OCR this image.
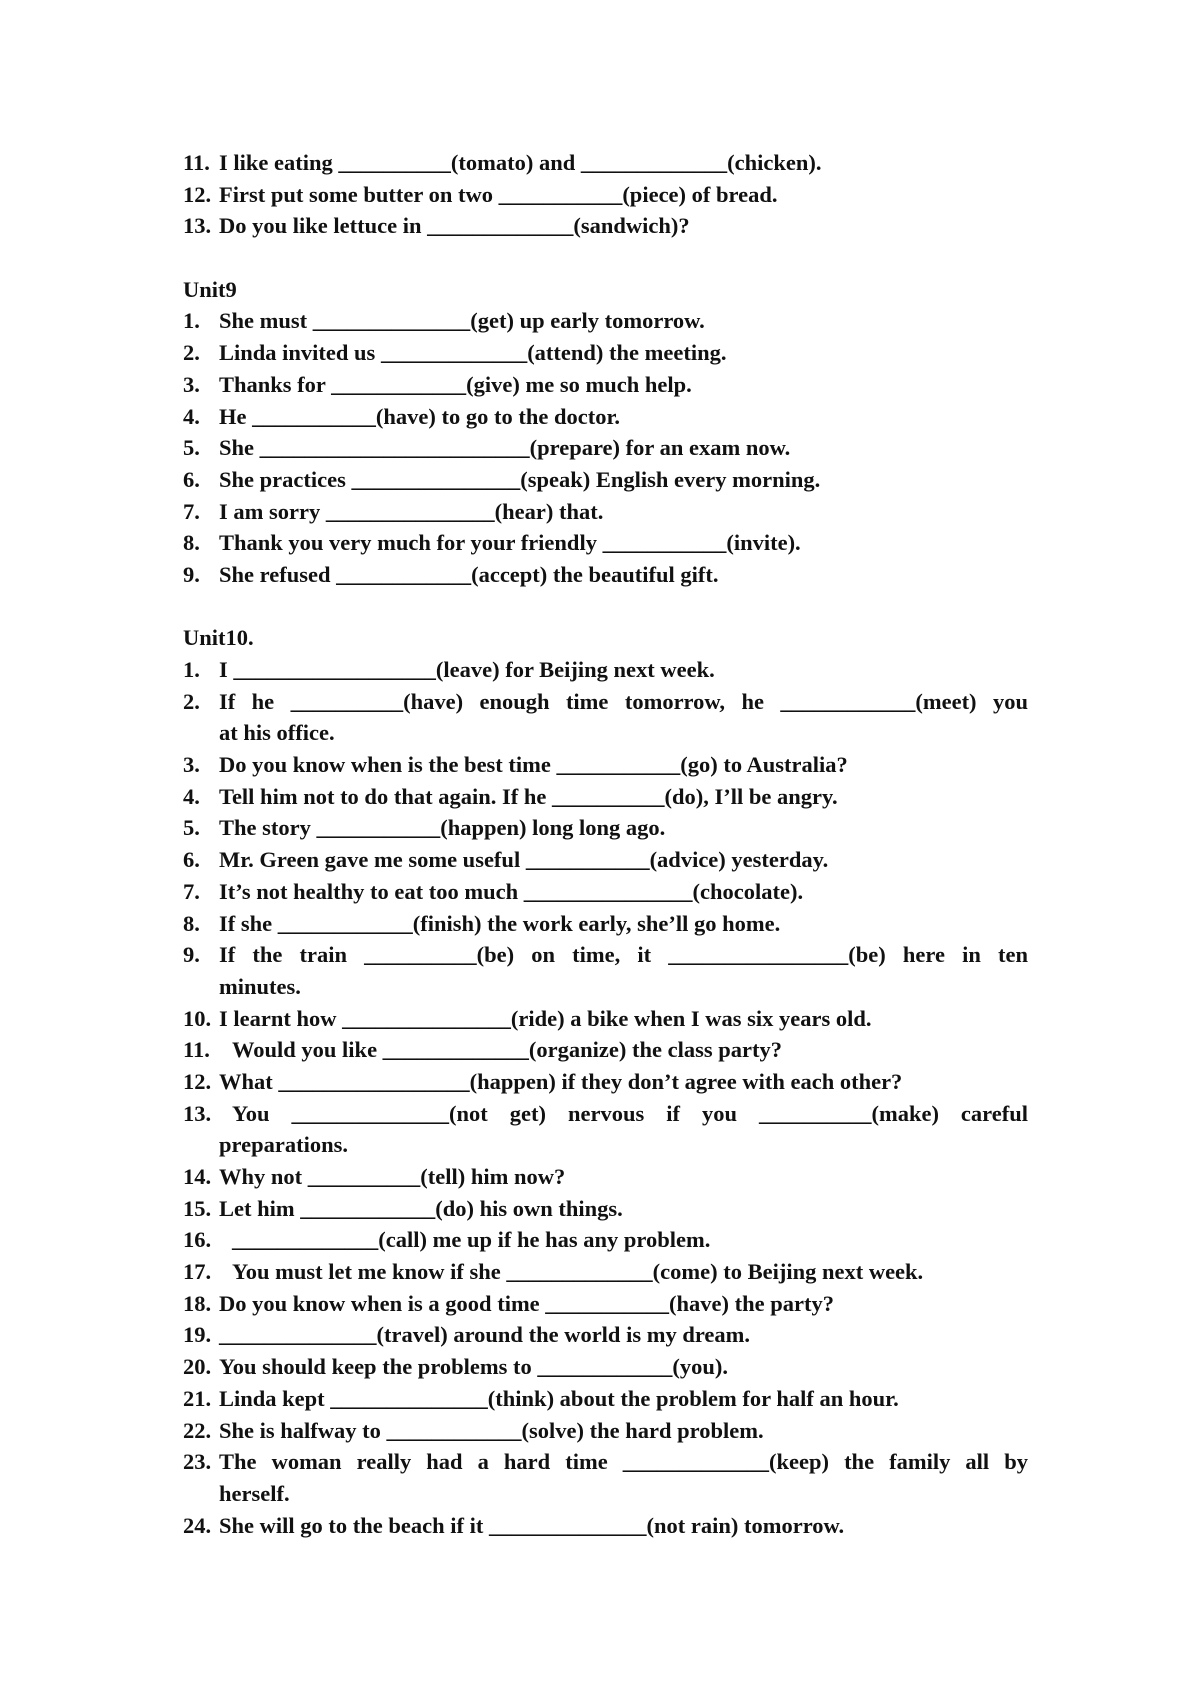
11. I like eating __________(tomato) and _____________(chicken).
12. First put some butter on two ___________(piece) of bread.
13. Do you like lettuce in _____________(sandwich)?
Unit9
1. She must ______________(get) up early tomorrow.
2. Linda invited us _____________(attend) the meeting.
3. Thanks for ____________(give) me so much help.
4. He ___________(have) to go to the doctor.
5. She ________________________(prepare) for an exam now.
6. She practices _______________(speak) English every morning.
7. I am sorry _______________(hear) that.
8. Thank you very much for your friendly ___________(invite).
9. She refused ____________(accept) the beautiful gift.
Unit10.
1. I __________________(leave) for Beijing next week.
2. If he __________(have) enough time tomorrow, he ____________(meet) you
at his office.
3. Do you know when is the best time ___________(go) to Australia?
4. Tell him not to do that again. If he __________(do), I’ll be angry.
5. The story ___________(happen) long long ago.
6. Mr. Green gave me some useful ___________(advice) yesterday.
7. It’s not healthy to eat too much _______________(chocolate).
8. If she ____________(finish) the work early, she’ll go home.
9. If the train __________(be) on time, it ________________(be) here in ten
minutes.
10. I learnt how _______________(ride) a bike when I was six years old.
11. Would you like _____________(organize) the class party?
12. What _________________(happen) if they don’t agree with each other?
13. You ______________(not get) nervous if you __________(make) careful
preparations.
14. Why not __________(tell) him now?
15. Let him ____________(do) his own things.
16. _____________(call) me up if he has any problem.
17. You must let me know if she _____________(come) to Beijing next week.
18. Do you know when is a good time ___________(have) the party?
19. ______________(travel) around the world is my dream.
20. You should keep the problems to ____________(you).
21. Linda kept ______________(think) about the problem for half an hour.
22. She is halfway to ____________(solve) the hard problem.
23. The woman really had a hard time _____________(keep) the family all by
herself.
24. She will go to the beach if it ______________(not rain) tomorrow.
